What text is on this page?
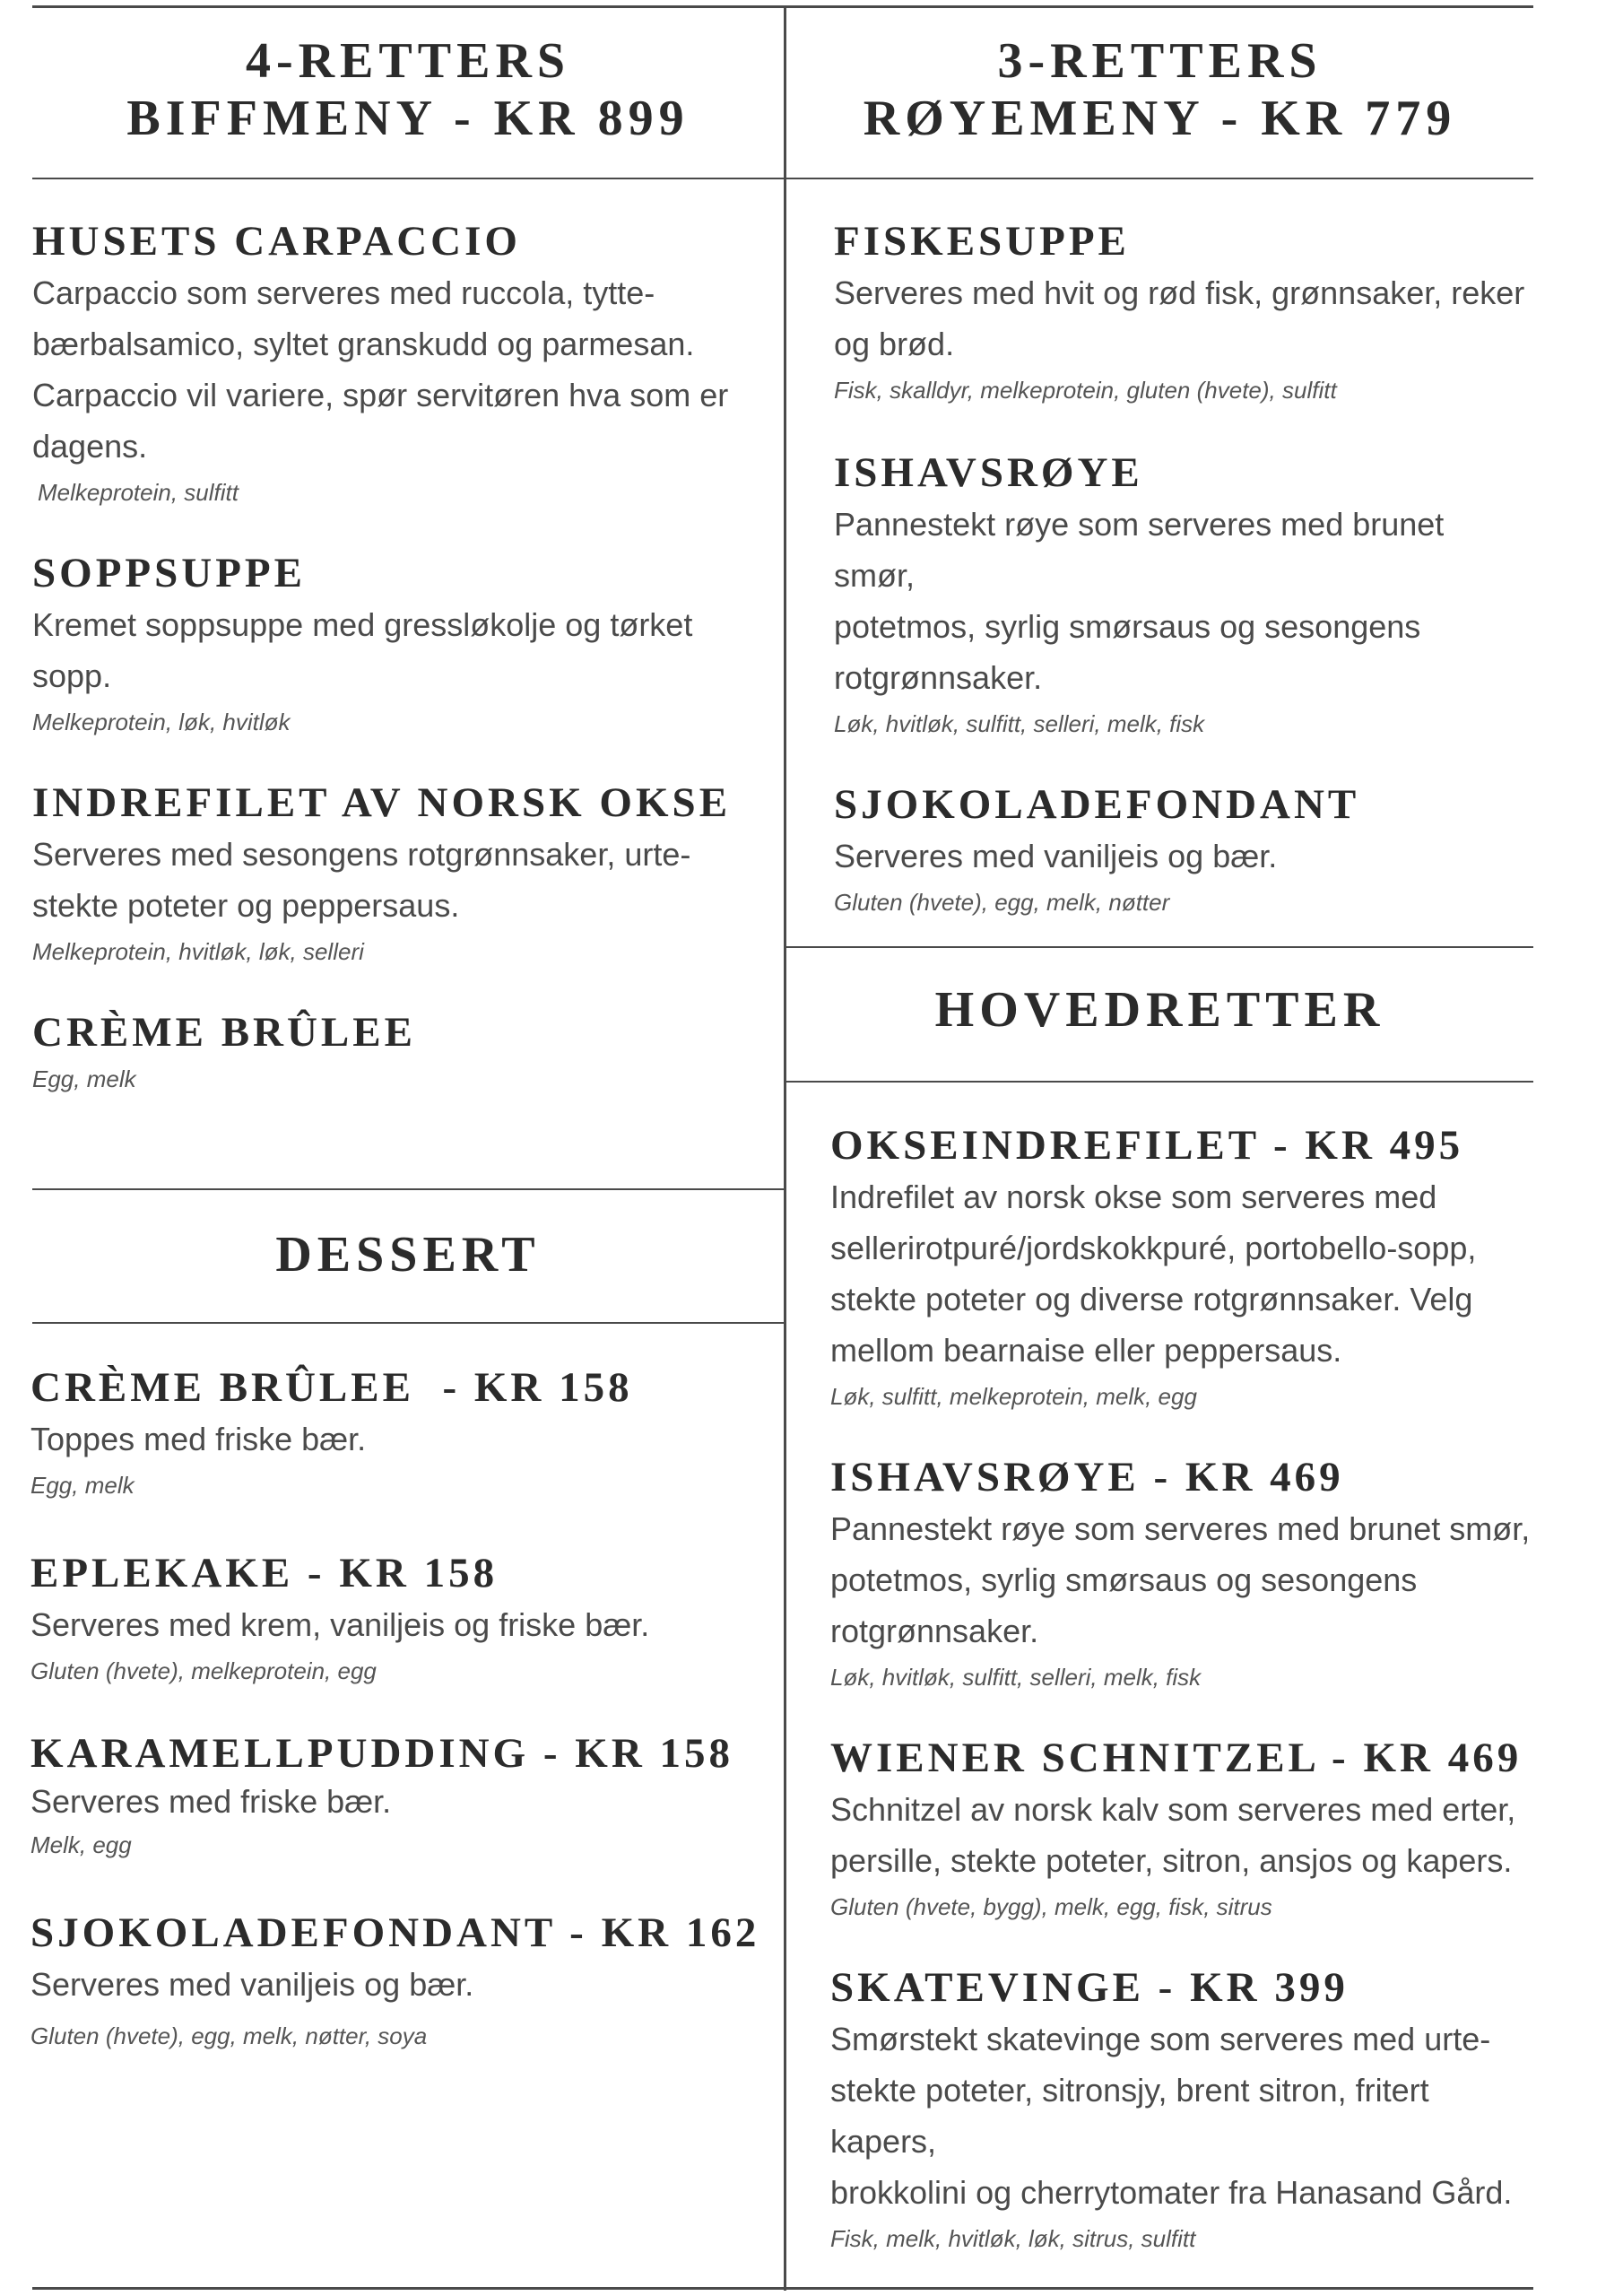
4-RETTERS
BIFFMENY - KR 899
3-RETTERS
RØYEMENY - KR 779
DESSERT
HOVEDRETTER
HUSETS CARPACCIO

Carpaccio som serveres med ruccola, tytte-
bærbalsamico, syltet granskudd og parmesan.
Carpaccio vil variere, spør servitøren hva som er
dagens.

Melkeprotein, sulfitt

SOPPSUPPE

Kremet soppsuppe med gressløkolje og tørket
sopp.

Melkeprotein, løk, hvitløk

INDREFILET AV NORSK OKSE

Serveres med sesongens rotgrønnsaker, urte-
stekte poteter og peppersaus.

Melkeprotein, hvitløk, løk, selleri

CRÈME BRÛLEE

Egg, melk

CRÈME BRÛLEE  - KR 158

Toppes med friske bær.

Egg, melk

EPLEKAKE - KR 158

Serveres med krem, vaniljeis og friske bær.

Gluten (hvete), melkeprotein, egg

KARAMELLPUDDING - KR 158

Serveres med friske bær.

Melk, egg

SJOKOLADEFONDANT - KR 162

Serveres med vaniljeis og bær.

Gluten (hvete), egg, melk, nøtter, soya

FISKESUPPE

Serveres med hvit og rød fisk, grønnsaker, reker
og brød.

Fisk, skalldyr, melkeprotein, gluten (hvete), sulfitt

ISHAVSRØYE

Pannestekt røye som serveres med brunet smør,
potetmos, syrlig smørsaus og sesongens
rotgrønnsaker.

Løk, hvitløk, sulfitt, selleri, melk, fisk

SJOKOLADEFONDANT

Serveres med vaniljeis og bær.

Gluten (hvete), egg, melk, nøtter

OKSEINDREFILET - KR 495

Indrefilet av norsk okse som serveres med
sellerirotpuré/jordskokkpuré, portobello-sopp,
stekte poteter og diverse rotgrønnsaker. Velg
mellom bearnaise eller peppersaus.

Løk, sulfitt, melkeprotein, melk, egg

ISHAVSRØYE - KR 469

Pannestekt røye som serveres med brunet smør,
potetmos, syrlig smørsaus og sesongens
rotgrønnsaker.

Løk, hvitløk, sulfitt, selleri, melk, fisk

WIENER SCHNITZEL - KR 469

Schnitzel av norsk kalv som serveres med erter,
persille, stekte poteter, sitron, ansjos og kapers.

Gluten (hvete, bygg), melk, egg, fisk, sitrus

SKATEVINGE - KR 399

Smørstekt skatevinge som serveres med urte-
stekte poteter, sitronsjy, brent sitron, fritert kapers,
brokkolini og cherrytomater fra Hanasand Gård.

Fisk, melk, hvitløk, løk, sitrus, sulfitt
